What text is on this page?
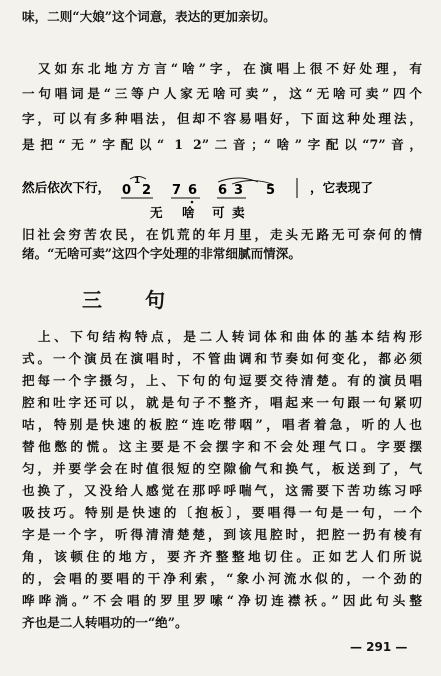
味，二则“大娘”这个词意，表达的更加亲切。
又如东北地方方言“啥”字，在演唱上很不好处理，有
一句唱词是“三等户人家无啥可卖”，这“无啥可卖”四个
字，可以有多种唱法，但却不容易唱好，下面这种处理法，
是把“无”字配以“ 1 2”二音；“啥”字配以“7”音，
然后依次下行，	1
0 2 7 6 6 3 5	，它表现了
无 啥 可 卖
旧社会穷苦农民，在饥荒的年月里，走头无路无可奈何的情
绪。“无啥可卖”这四个字处理的非常细腻而情深。
三 句
上、下句结构特点，是二人转词体和曲体的基本结构形
式。一个演员在演唱时，不管曲调和节奏如何变化，都必须
把每一个字摄匀，上、下句的句逗要交待清楚。有的演员唱
腔和吐字还可以，就是句子不整齐，唱起来一句跟一句紧叨
咕，特别是快速的板腔“连吃带咽”，唱者着急，听的人也
替他憋的慌。这主要是不会摆字和不会处理气口。字要摆
匀，并要学会在时值很短的空隙偷气和换气，板送到了，气
也换了，又没给人感觉在那呼呼喘气，这需要下苦功练习呼
吸技巧。特别是快速的〔抱板〕，要唱得一句是一句，一个
字是一个字，听得清清楚楚，到该甩腔时，把腔一扔有棱有
角，该顿住的地方，要齐齐整整地切住。正如艺人们所说
的，会唱的要唱的干净利索，“象小河流水似的，一个劲的
哗哗淌。”不会唱的罗里罗嗦“净切连襟袄。”因此句头整
齐也是二人转唱功的一“绝”。
— 291 —
